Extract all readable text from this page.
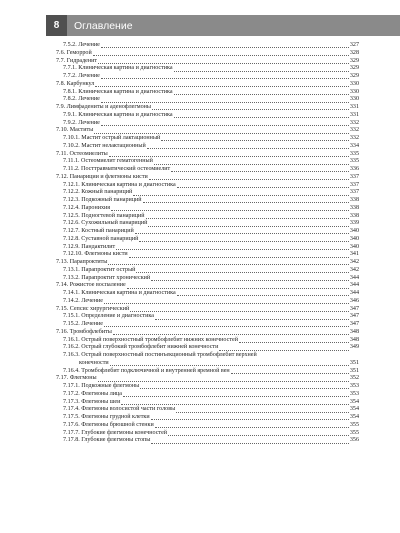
8	Оглавление
7.5.2. Лечение	327
7.6. Геморрой	328
7.7. Гидраденит	329
7.7.1. Клиническая картина и диагностика	329
7.7.2. Лечение	329
7.8. Карбункул	330
7.8.1. Клиническая картина и диагностика	330
7.8.2. Лечение	330
7.9. Лимфадениты и аденофлегмоны	331
7.9.1. Клиническая картина и диагностика	331
7.9.2. Лечение	332
7.10. Маститы	332
7.10.1. Мастит острый лактационный	332
7.10.2. Мастит нелактационный	334
7.11. Остеомиелиты	335
7.11.1. Остеомиелит гематогенный	335
7.11.2. Посттравматический остеомиелит	336
7.12. Панариции и флегмоны кисти	337
7.12.1. Клиническая картина и диагностика	337
7.12.2. Кожный панариций	337
7.12.3. Подкожный панариций	338
7.12.4. Паронихия	338
7.12.5. Подногтевой панариций	338
7.12.6. Сухожильный панариций	339
7.12.7. Костный панариций	340
7.12.8. Суставной панариций	340
7.12.9. Пандактилит	340
7.12.10. Флегмоны кисти	341
7.13. Парапроктиты	342
7.13.1. Парапроктит острый	342
7.13.2. Парапроктит хронический	344
7.14. Рожистое воспаление	344
7.14.1. Клиническая картина и диагностика	344
7.14.2. Лечение	346
7.15. Сепсис хирургический	347
7.15.1. Определение и диагностика	347
7.15.2. Лечение	347
7.16. Тромбофлебиты	348
7.16.1. Острый поверхностный тромбофлебит нижних конечностей	348
7.16.2. Острый глубокий тромбофлебит нижней конечности	349
7.16.3. Острый поверхностный постинъекционный тромбофлебит верхней
конечности	351
7.16.4. Тромбофлебит подключичной и внутренней яремной вен	351
7.17. Флегмоны	352
7.17.1. Подкожные флегмоны	353
7.17.2. Флегмоны лица	353
7.17.3. Флегмоны шеи	354
7.17.4. Флегмоны волосистой части головы	354
7.17.5. Флегмоны грудной клетки	354
7.17.6. Флегмоны брюшной стенки	355
7.17.7. Глубокие флегмоны конечностей	355
7.17.8. Глубокие флегмоны стопы	356
